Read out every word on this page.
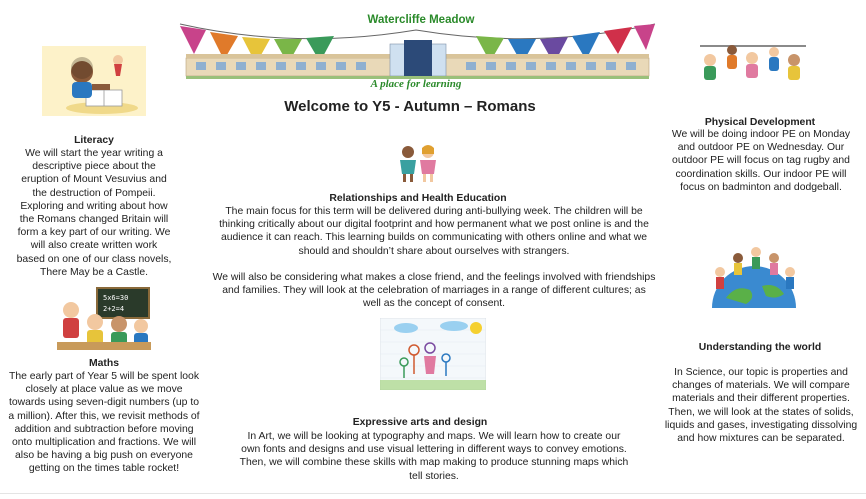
Watercliffe Meadow
A place for learning
Welcome to Y5 - Autumn – Romans
Literacy
We will start the year writing a descriptive piece about the eruption of Mount Vesuvius and the destruction of Pompeii. Exploring and writing about how the Romans changed Britain will form a key part of our writing. We will also create written work based on one of our class novels, There May be a Castle.
5x6=30
2+2=4
Maths
The early part of Year 5 will be spent look closely at place value as we move towards using seven-digit numbers (up to a million). After this, we revisit methods of addition and subtraction before moving onto multiplication and fractions. We will also be having a big push on everyone getting on the times table rocket!
Relationships and Health Education
The main focus for this term will be delivered during anti-bullying week. The children will be thinking critically about our digital footprint and how permanent what we post online is and the audience it can reach. This learning builds on communicating with others online and what we should and shouldn’t share about ourselves with strangers.
We will also be considering what makes a close friend, and the feelings involved with friendships and families. They will look at the celebration of marriages in a range of different cultures; as well as the concept of consent.
Expressive arts and design
In Art, we will be looking at typography and maps. We will learn how to create our own fonts and designs and use visual lettering in different ways to convey emotions. Then, we will combine these skills with map making to produce stunning maps which tell stories.
Physical Development
We will be doing indoor PE on Monday and outdoor PE on Wednesday. Our outdoor PE will focus on tag rugby and coordination skills. Our indoor PE will focus on badminton and dodgeball.
Understanding the world
In Science, our topic is properties and changes of materials. We will compare materials and their different properties. Then, we will look at the states of solids, liquids and gases, investigating dissolving and how mixtures can be separated.
